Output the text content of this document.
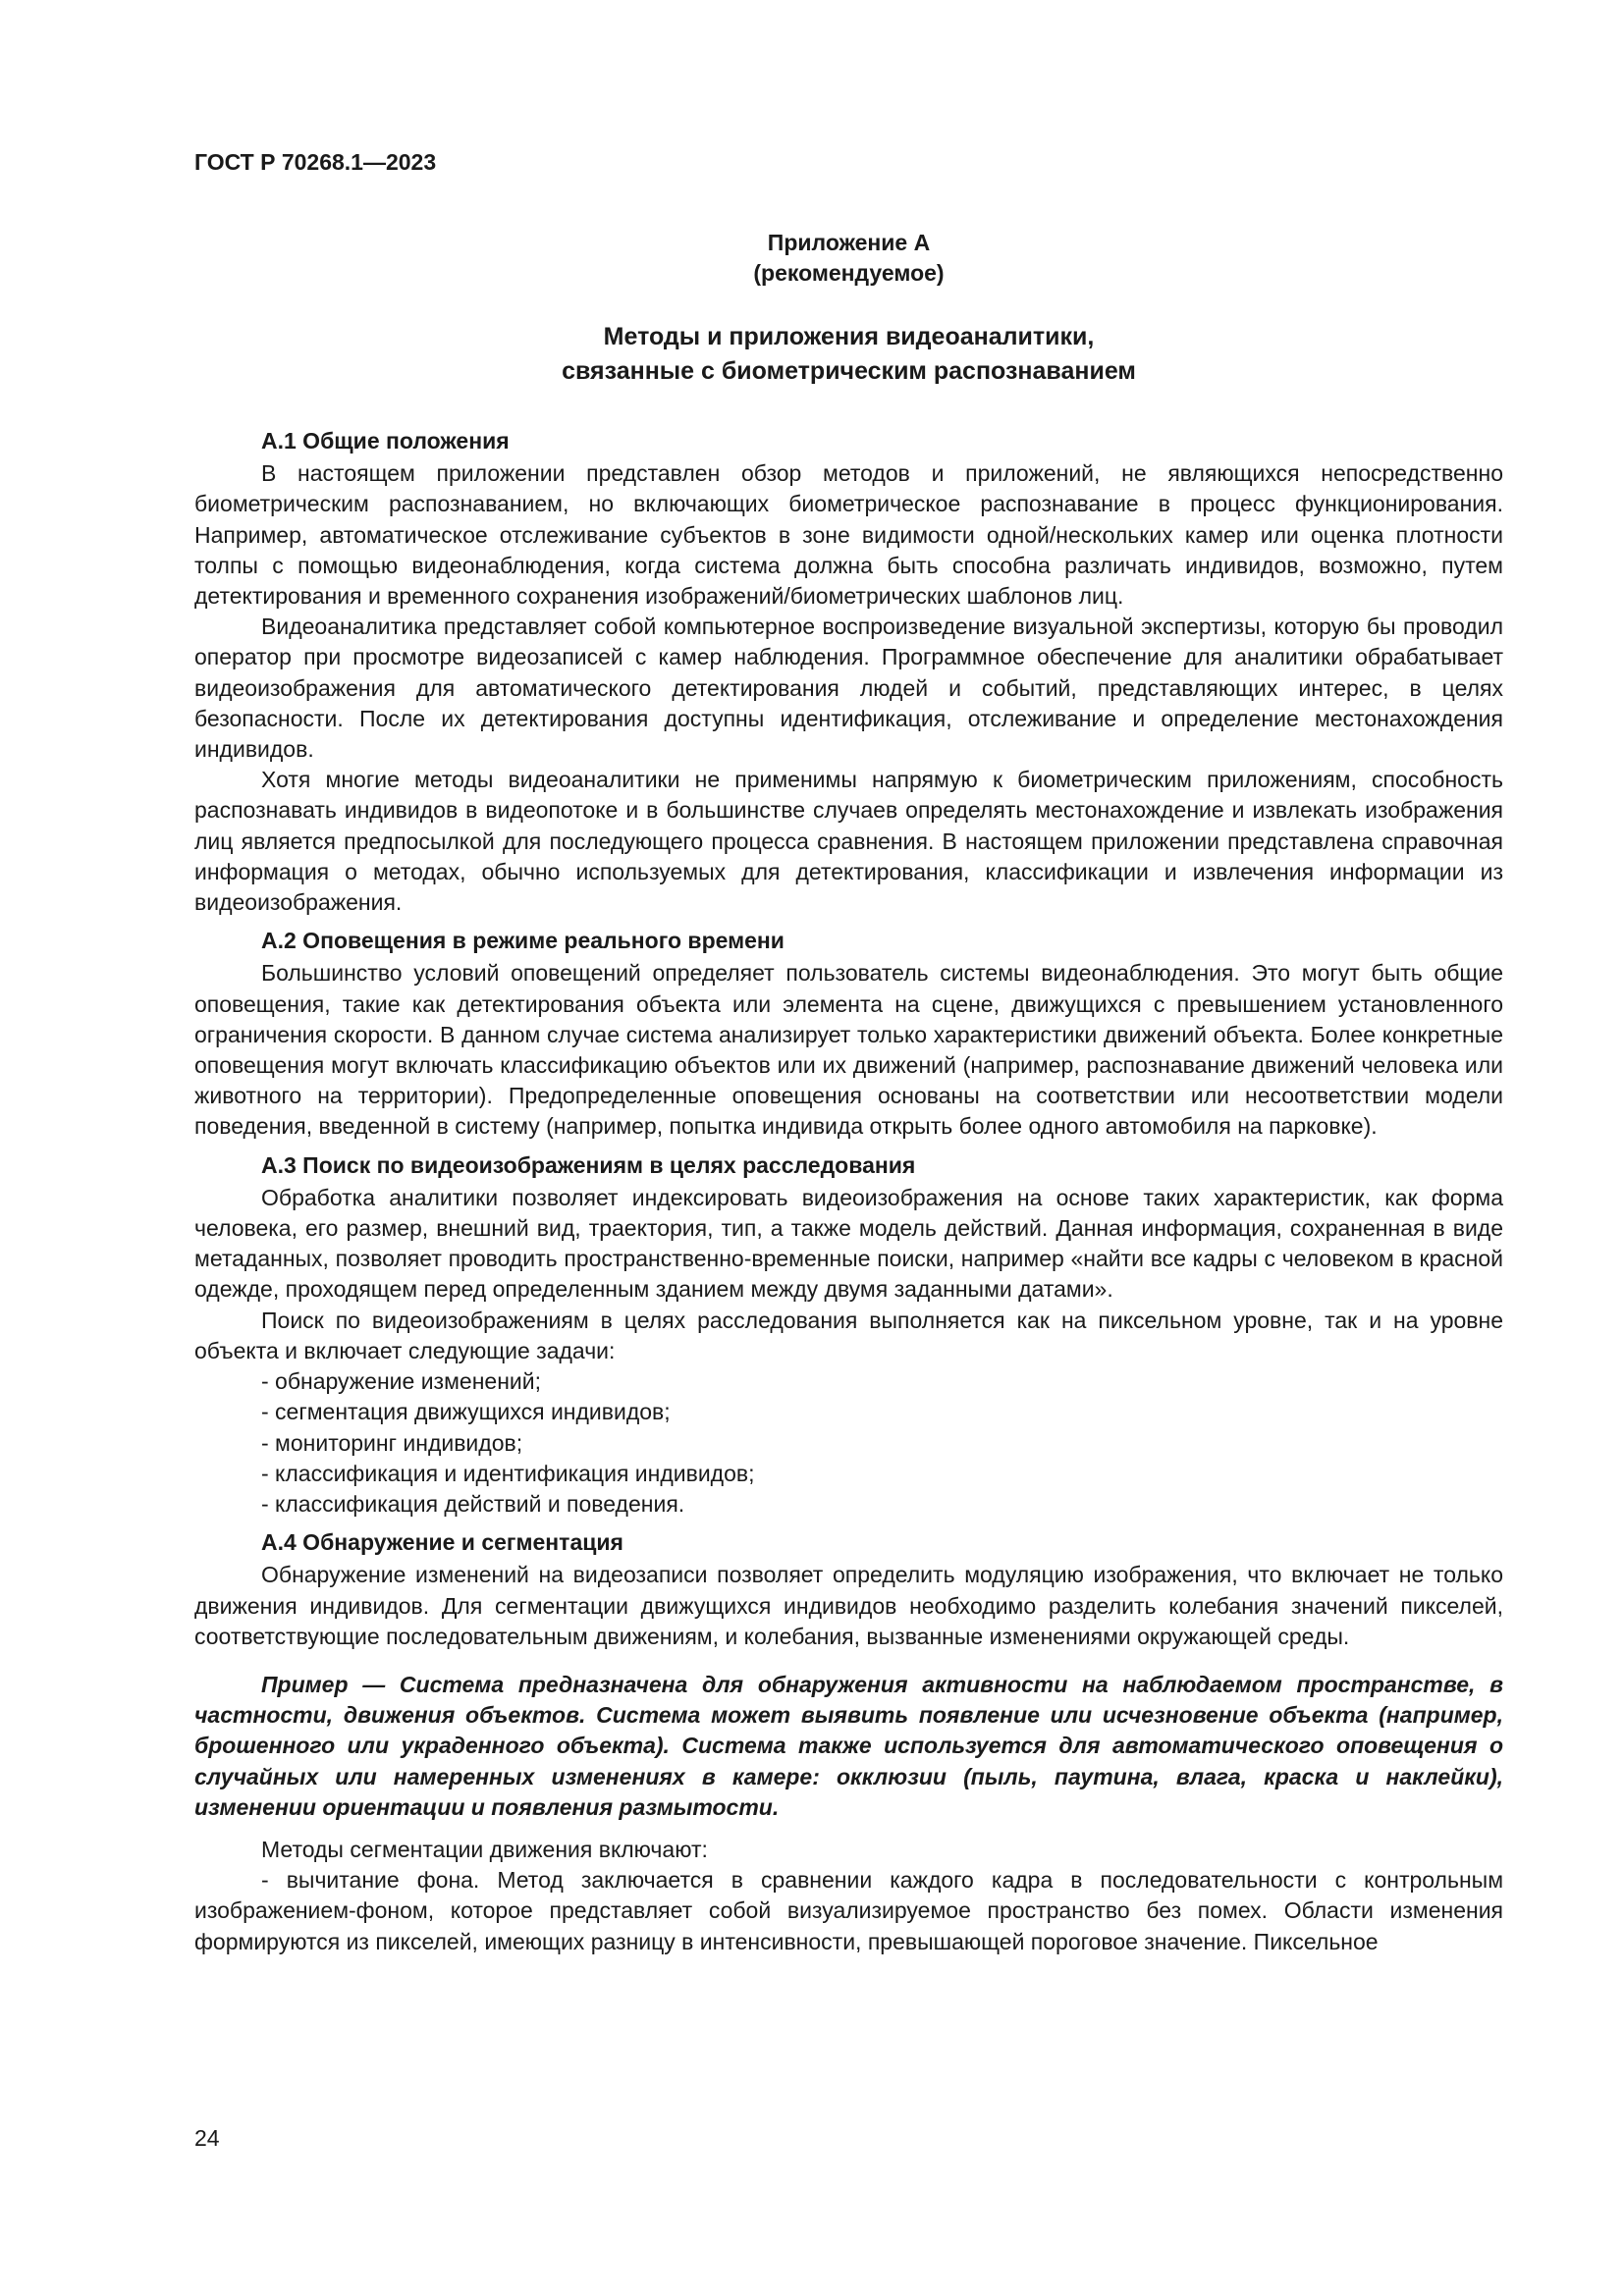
ГОСТ Р 70268.1—2023

Приложение А

(рекомендуемое)

Методы и приложения видеоаналитики,
связанные с биометрическим распознаванием

А.1 Общие положения

В настоящем приложении представлен обзор методов и приложений, не являющихся непосредственно биометрическим распознаванием, но включающих биометрическое распознавание в процесс функционирования. Например, автоматическое отслеживание субъектов в зоне видимости одной/нескольких камер или оценка плотности толпы с помощью видеонаблюдения, когда система должна быть способна различать индивидов, возможно, путем детектирования и временного сохранения изображений/биометрических шаблонов лиц.

Видеоаналитика представляет собой компьютерное воспроизведение визуальной экспертизы, которую бы проводил оператор при просмотре видеозаписей с камер наблюдения. Программное обеспечение для аналитики обрабатывает видеоизображения для автоматического детектирования людей и событий, представляющих интерес, в целях безопасности. После их детектирования доступны идентификация, отслеживание и определение местонахождения индивидов.

Хотя многие методы видеоаналитики не применимы напрямую к биометрическим приложениям, способность распознавать индивидов в видеопотоке и в большинстве случаев определять местонахождение и извлекать изображения лиц является предпосылкой для последующего процесса сравнения. В настоящем приложении представлена справочная информация о методах, обычно используемых для детектирования, классификации и извлечения информации из видеоизображения.

А.2 Оповещения в режиме реального времени

Большинство условий оповещений определяет пользователь системы видеонаблюдения. Это могут быть общие оповещения, такие как детектирования объекта или элемента на сцене, движущихся с превышением установленного ограничения скорости. В данном случае система анализирует только характеристики движений объекта. Более конкретные оповещения могут включать классификацию объектов или их движений (например, распознавание движений человека или животного на территории). Предопределенные оповещения основаны на соответствии или несоответствии модели поведения, введенной в систему (например, попытка индивида открыть более одного автомобиля на парковке).

А.3 Поиск по видеоизображениям в целях расследования

Обработка аналитики позволяет индексировать видеоизображения на основе таких характеристик, как форма человека, его размер, внешний вид, траектория, тип, а также модель действий. Данная информация, сохраненная в виде метаданных, позволяет проводить пространственно-временные поиски, например «найти все кадры с человеком в красной одежде, проходящем перед определенным зданием между двумя заданными датами».

Поиск по видеоизображениям в целях расследования выполняется как на пиксельном уровне, так и на уровне объекта и включает следующие задачи:

- обнаружение изменений;
- сегментация движущихся индивидов;
- мониторинг индивидов;
- классификация и идентификация индивидов;
- классификация действий и поведения.

А.4 Обнаружение и сегментация

Обнаружение изменений на видеозаписи позволяет определить модуляцию изображения, что включает не только движения индивидов. Для сегментации движущихся индивидов необходимо разделить колебания значений пикселей, соответствующие последовательным движениям, и колебания, вызванные изменениями окружающей среды.

Пример — Система предназначена для обнаружения активности на наблюдаемом пространстве, в частности, движения объектов. Система может выявить появление или исчезновение объекта (например, брошенного или украденного объекта). Система также используется для автоматического оповещения о случайных или намеренных изменениях в камере: окклюзии (пыль, паутина, влага, краска и наклейки), изменении ориентации и появления размытости.

Методы сегментации движения включают:

- вычитание фона. Метод заключается в сравнении каждого кадра в последовательности с контрольным изображением-фоном, которое представляет собой визуализируемое пространство без помех. Области изменения формируются из пикселей, имеющих разницу в интенсивности, превышающей пороговое значение. Пиксельное

24
